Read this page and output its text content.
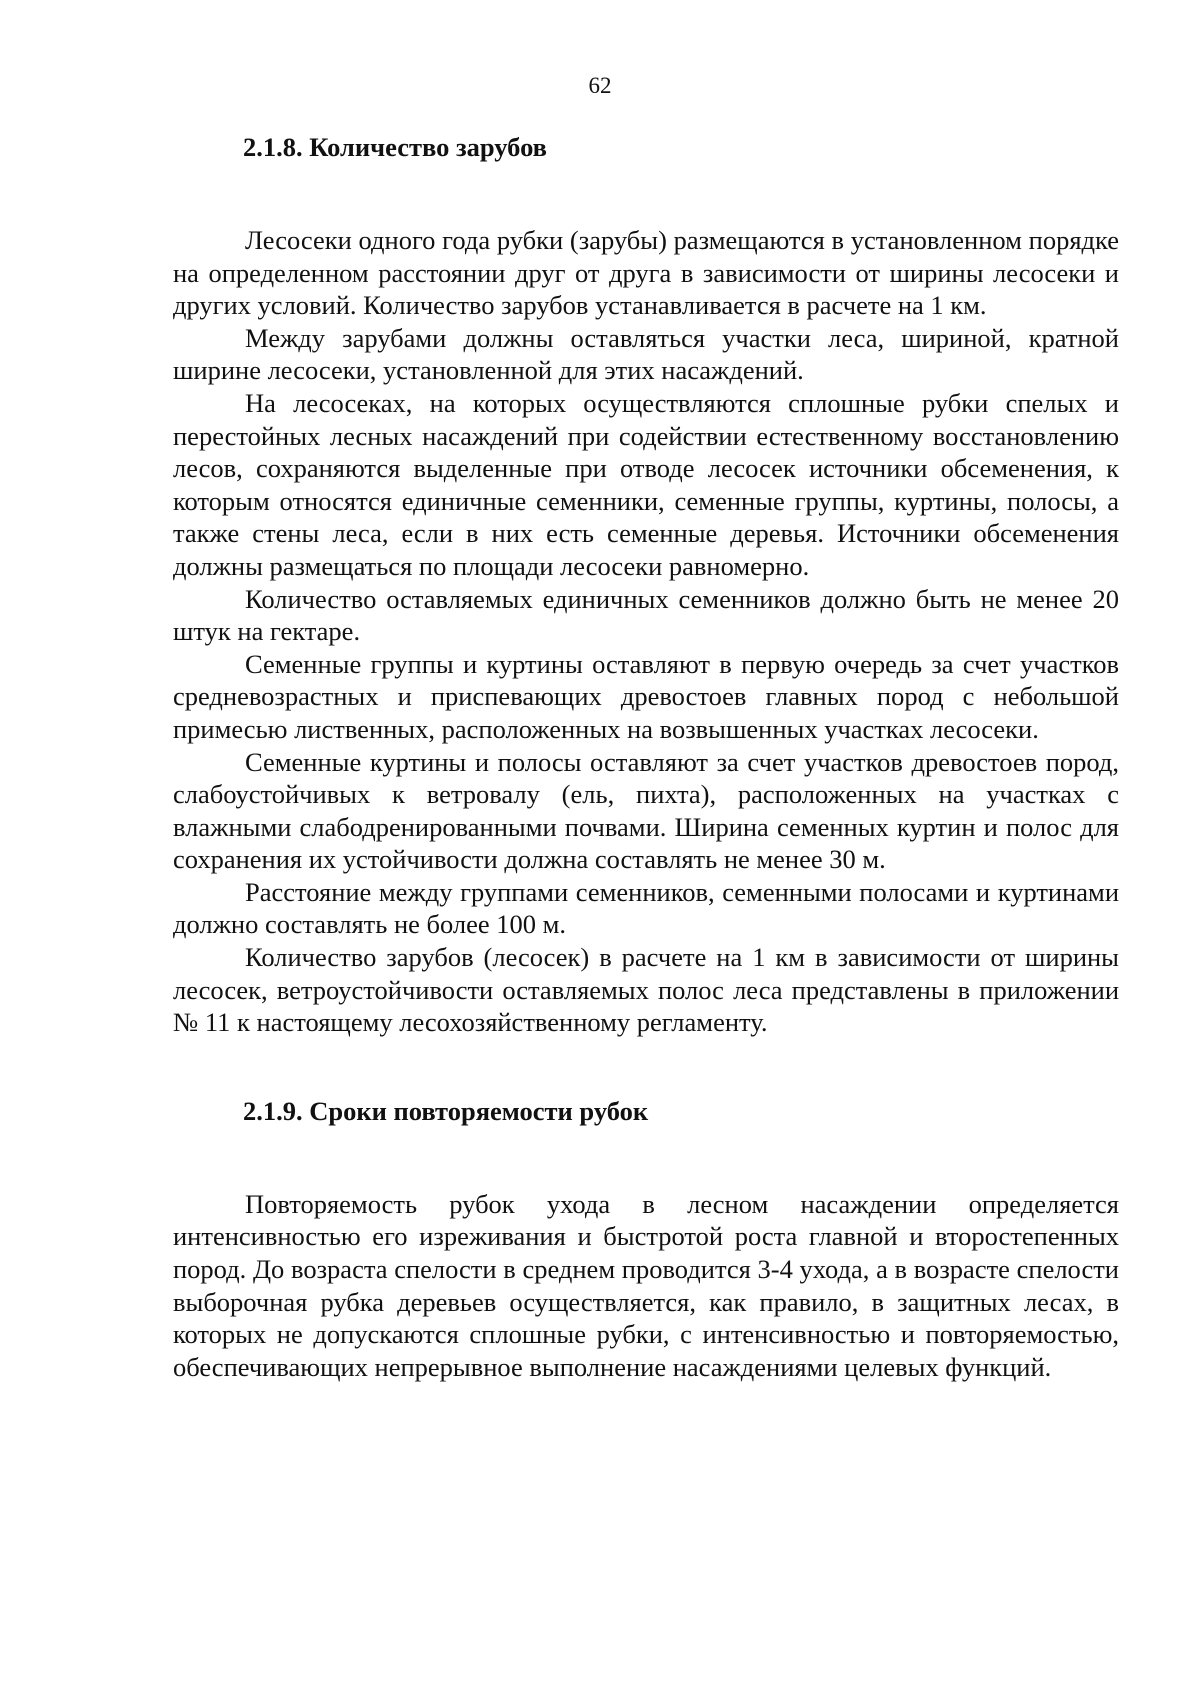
62
2.1.8. Количество зарубов

Лесосеки одного года рубки (зарубы) размещаются в установленном порядке на определенном расстоянии друг от друга в зависимости от ширины лесосеки и других условий. Количество зарубов устанавливается в расчете на 1 км.

Между зарубами должны оставляться участки леса, шириной, кратной ширине лесосеки, установленной для этих насаждений.

На лесосеках, на которых осуществляются сплошные рубки спелых и перестойных лесных насаждений при содействии естественному восстановлению лесов, сохраняются выделенные при отводе лесосек источники обсеменения, к которым относятся единичные семенники, семенные группы, куртины, полосы, а также стены леса, если в них есть семенные деревья. Источники обсеменения должны размещаться по площади лесосеки равномерно.

Количество оставляемых единичных семенников должно быть не менее 20 штук на гектаре.

Семенные группы и куртины оставляют в первую очередь за счет участков средневозрастных и приспевающих древостоев главных пород с небольшой примесью лиственных, расположенных на возвышенных участках лесосеки.

Семенные куртины и полосы оставляют за счет участков древостоев пород, слабоустойчивых к ветровалу (ель, пихта), расположенных на участках с влажными слабодренированными почвами. Ширина семенных куртин и полос для сохранения их устойчивости должна составлять не менее 30 м.

Расстояние между группами семенников, семенными полосами и куртинами должно составлять не более 100 м.

Количество зарубов (лесосек) в расчете на 1 км в зависимости от ширины лесосек, ветроустойчивости оставляемых полос леса представлены в приложении № 11 к настоящему лесохозяйственному регламенту.

2.1.9. Сроки повторяемости рубок

Повторяемость рубок ухода в лесном насаждении определяется интенсивностью его изреживания и быстротой роста главной и второстепенных пород. До возраста спелости в среднем проводится 3-4 ухода, а в возрасте спелости выборочная рубка деревьев осуществляется, как правило, в защитных лесах, в которых не допускаются сплошные рубки, с интенсивностью и повторяемостью, обеспечивающих непрерывное выполнение насаждениями целевых функций.
